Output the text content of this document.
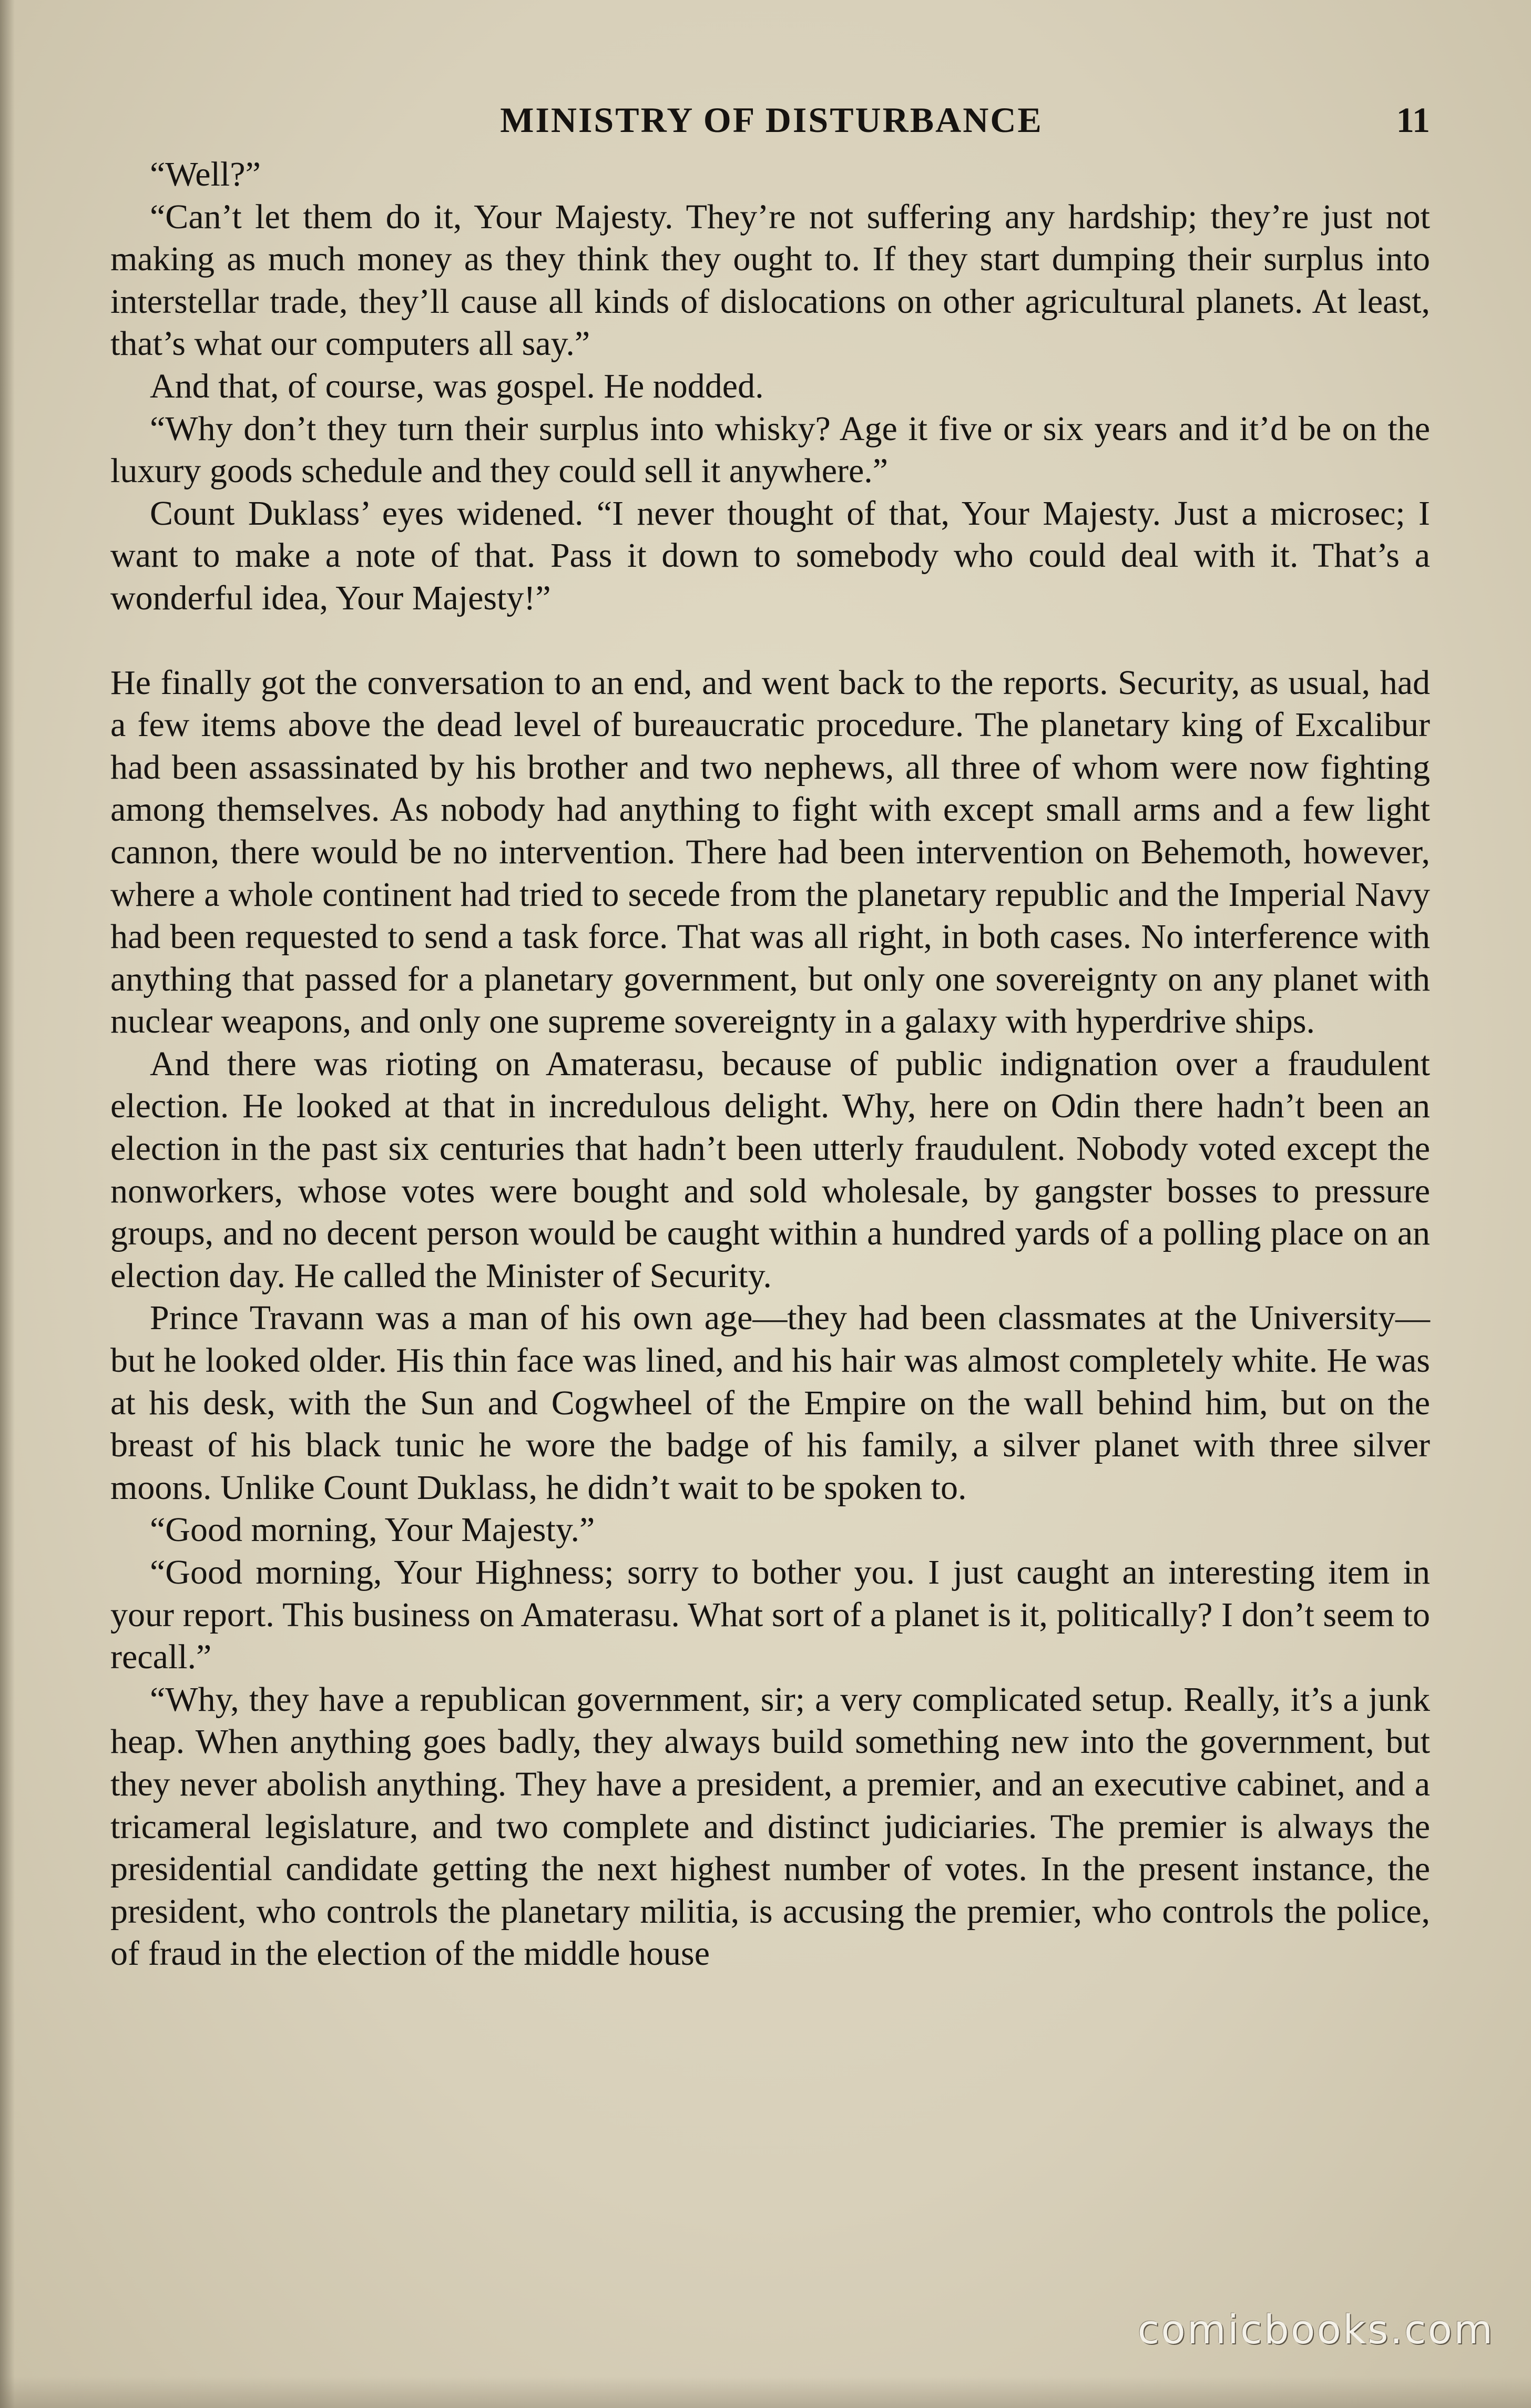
MINISTRY OF DISTURBANCE	11

“Well?”

“Can’t let them do it, Your Majesty. They’re not suffering any hardship; they’re just not making as much money as they think they ought to. If they start dumping their surplus into interstellar trade, they’ll cause all kinds of dislocations on other agricultural planets. At least, that’s what our computers all say.”

And that, of course, was gospel. He nodded.

“Why don’t they turn their surplus into whisky? Age it five or six years and it’d be on the luxury goods schedule and they could sell it anywhere.”

Count Duklass’ eyes widened. “I never thought of that, Your Majesty. Just a microsec; I want to make a note of that. Pass it down to somebody who could deal with it. That’s a wonderful idea, Your Majesty!”

He finally got the conversation to an end, and went back to the reports. Security, as usual, had a few items above the dead level of bureaucratic procedure. The planetary king of Excalibur had been assassinated by his brother and two nephews, all three of whom were now fighting among themselves. As nobody had anything to fight with except small arms and a few light cannon, there would be no intervention. There had been intervention on Behemoth, however, where a whole continent had tried to secede from the planetary republic and the Imperial Navy had been requested to send a task force. That was all right, in both cases. No interference with anything that passed for a planetary government, but only one sovereignty on any planet with nuclear weapons, and only one supreme sovereignty in a galaxy with hyperdrive ships.

And there was rioting on Amaterasu, because of public indignation over a fraudulent election. He looked at that in incredulous delight. Why, here on Odin there hadn’t been an election in the past six centuries that hadn’t been utterly fraudulent. Nobody voted except the nonworkers, whose votes were bought and sold wholesale, by gangster bosses to pressure groups, and no decent person would be caught within a hundred yards of a polling place on an election day. He called the Minister of Security.

Prince Travann was a man of his own age—they had been classmates at the University—but he looked older. His thin face was lined, and his hair was almost completely white. He was at his desk, with the Sun and Cogwheel of the Empire on the wall behind him, but on the breast of his black tunic he wore the badge of his family, a silver planet with three silver moons. Unlike Count Duklass, he didn’t wait to be spoken to.

“Good morning, Your Majesty.”

“Good morning, Your Highness; sorry to bother you. I just caught an interesting item in your report. This business on Amaterasu. What sort of a planet is it, politically? I don’t seem to recall.”

“Why, they have a republican government, sir; a very complicated setup. Really, it’s a junk heap. When anything goes badly, they always build something new into the government, but they never abolish anything. They have a president, a premier, and an executive cabinet, and a tricameral legislature, and two complete and distinct judiciaries. The premier is always the presidential candidate getting the next highest number of votes. In the present instance, the president, who controls the planetary militia, is accusing the premier, who controls the police, of fraud in the election of the middle house

comicbooks.com
